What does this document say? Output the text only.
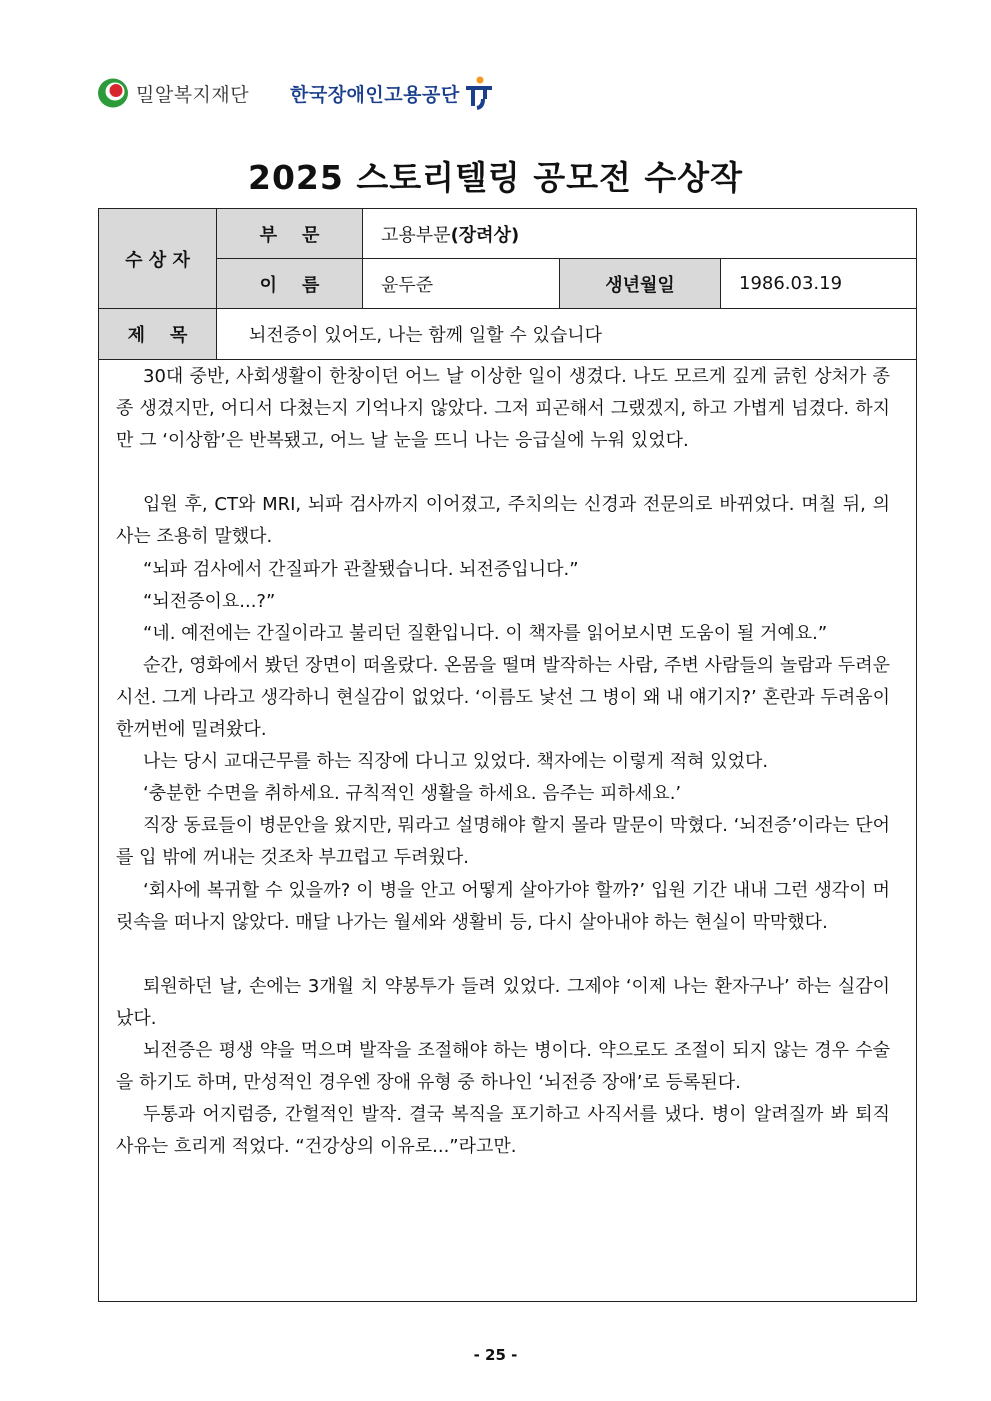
밀알복지재단 한국장애인고용공단
2025 스토리텔링 공모전 수상작
수 상 자
부    문	고용부문 (장려상)
이    름	윤두준	생년월일	1986.03.19
제    목	뇌전증이 있어도, 나는 함께 일할 수 있습니다

30대 중반, 사회생활이 한창이던 어느 날 이상한 일이 생겼다. 나도 모르게 깊게 긁힌 상처가 종종 생겼지만, 어디서 다쳤는지 기억나지 않았다. 그저 피곤해서 그랬겠지, 하고 가볍게 넘겼다. 하지만 그 ‘이상함’은 반복됐고, 어느 날 눈을 뜨니 나는 응급실에 누워 있었다.

입원 후, CT와 MRI, 뇌파 검사까지 이어졌고, 주치의는 신경과 전문의로 바뀌었다. 며칠 뒤, 의사는 조용히 말했다.

“뇌파 검사에서 간질파가 관찰됐습니다. 뇌전증입니다.”

“뇌전증이요...?”

“네. 예전에는 간질이라고 불리던 질환입니다. 이 책자를 읽어보시면 도움이 될 거예요.”

순간, 영화에서 봤던 장면이 떠올랐다. 온몸을 떨며 발작하는 사람, 주변 사람들의 놀람과 두려운 시선. 그게 나라고 생각하니 현실감이 없었다. ‘이름도 낯선 그 병이 왜 내 얘기지?’ 혼란과 두려움이 한꺼번에 밀려왔다.

나는 당시 교대근무를 하는 직장에 다니고 있었다. 책자에는 이렇게 적혀 있었다.

‘충분한 수면을 취하세요. 규칙적인 생활을 하세요. 음주는 피하세요.’

직장 동료들이 병문안을 왔지만, 뭐라고 설명해야 할지 몰라 말문이 막혔다. ‘뇌전증’이라는 단어를 입 밖에 꺼내는 것조차 부끄럽고 두려웠다.

‘회사에 복귀할 수 있을까? 이 병을 안고 어떻게 살아가야 할까?’ 입원 기간 내내 그런 생각이 머릿속을 떠나지 않았다. 매달 나가는 월세와 생활비 등, 다시 살아내야 하는 현실이 막막했다.

퇴원하던 날, 손에는 3개월 치 약봉투가 들려 있었다. 그제야 ‘이제 나는 환자구나’ 하는 실감이 났다.

뇌전증은 평생 약을 먹으며 발작을 조절해야 하는 병이다. 약으로도 조절이 되지 않는 경우 수술을 하기도 하며, 만성적인 경우엔 장애 유형 중 하나인 ‘뇌전증 장애’로 등록된다.

두통과 어지럼증, 간헐적인 발작. 결국 복직을 포기하고 사직서를 냈다. 병이 알려질까 봐 퇴직 사유는 흐리게 적었다. “건강상의 이유로...”라고만.

- 25 -
